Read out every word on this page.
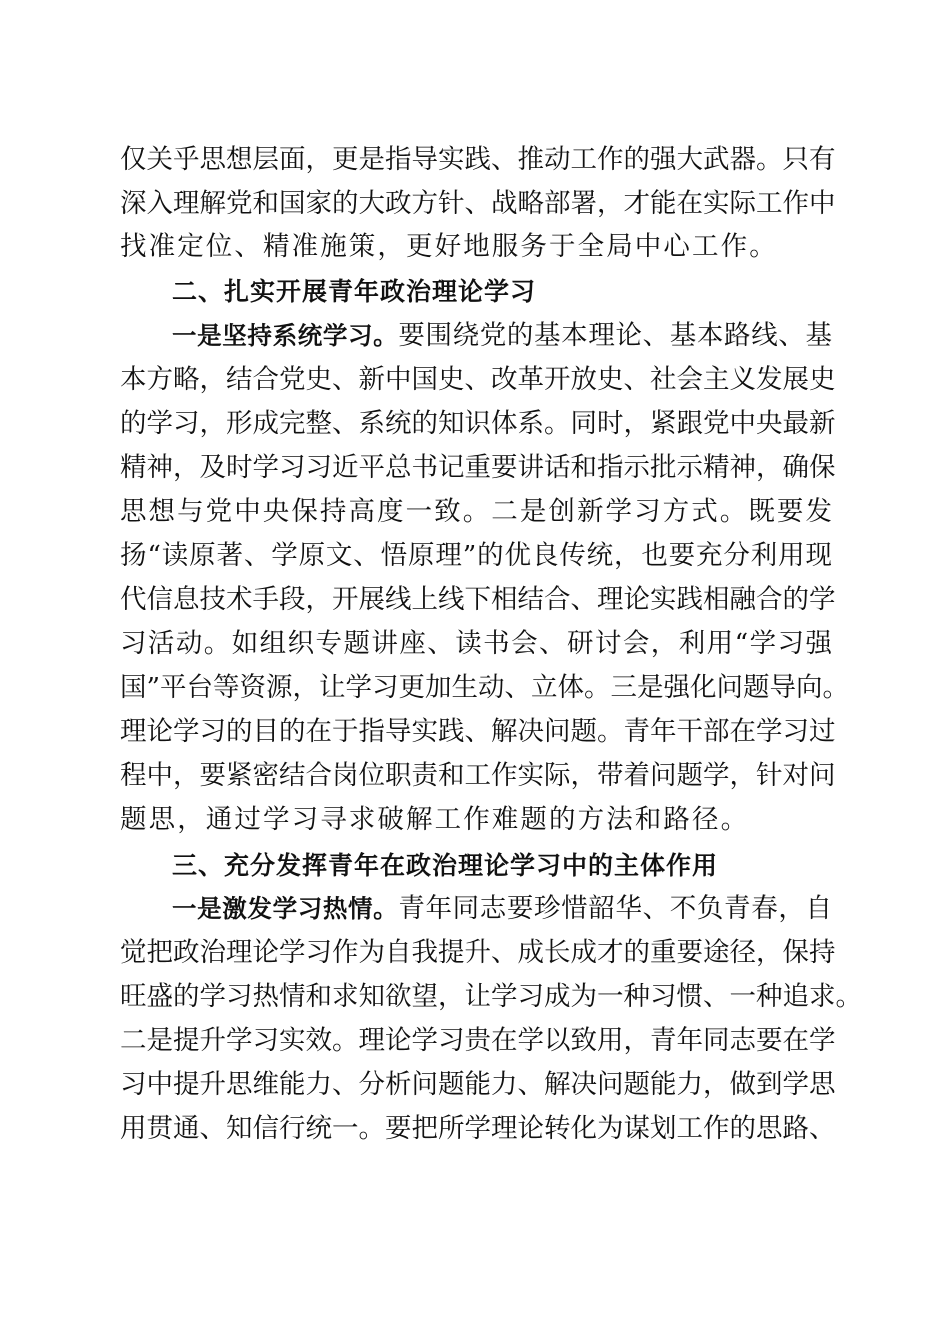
仅关乎思想层面，更是指导实践、推动工作的强大武器。只有
深入理解党和国家的大政方针、战略部署，才能在实际工作中
找准定位、精准施策，更好地服务于全局中心工作。
二、扎实开展青年政治理论学习
一是坚持系统学习。要围绕党的基本理论、基本路线、基
本方略，结合党史、新中国史、改革开放史、社会主义发展史
的学习，形成完整、系统的知识体系。同时，紧跟党中央最新
精神，及时学习习近平总书记重要讲话和指示批示精神，确保
思想与党中央保持高度一致。二是创新学习方式。既要发
扬“读原著、学原文、悟原理”的优良传统，也要充分利用现
代信息技术手段，开展线上线下相结合、理论实践相融合的学
习活动。如组织专题讲座、读书会、研讨会，利用“学习强
国”平台等资源，让学习更加生动、立体。三是强化问题导向。
理论学习的目的在于指导实践、解决问题。青年干部在学习过
程中，要紧密结合岗位职责和工作实际，带着问题学，针对问
题思，通过学习寻求破解工作难题的方法和路径。
三、充分发挥青年在政治理论学习中的主体作用
一是激发学习热情。青年同志要珍惜韶华、不负青春，自
觉把政治理论学习作为自我提升、成长成才的重要途径，保持
旺盛的学习热情和求知欲望，让学习成为一种习惯、一种追求。
二是提升学习实效。理论学习贵在学以致用，青年同志要在学
习中提升思维能力、分析问题能力、解决问题能力，做到学思
用贯通、知信行统一。要把所学理论转化为谋划工作的思路、
